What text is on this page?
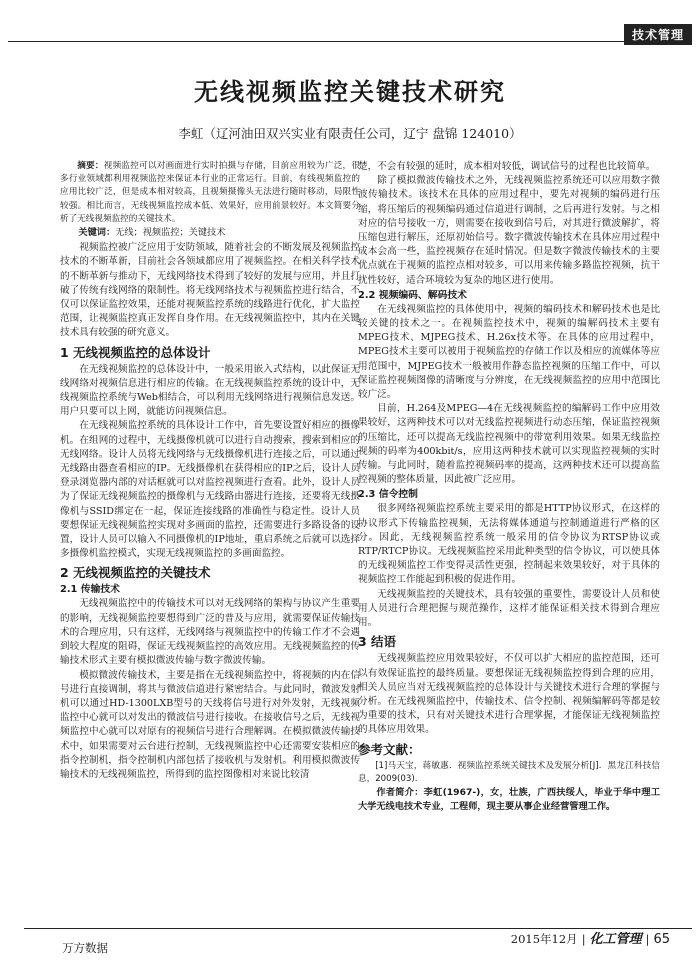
技术管理
无线视频监控关键技术研究
李虹（辽河油田双兴实业有限责任公司，辽宁 盘锦 124010）

摘要：视频监控可以对画面进行实时拍摄与存储，目前应用较为广泛，很多行业领域都利用视频监控来保证本行业的正常运行。目前，有线视频监控的应用比较广泛，但是成本相对较高，且视频摄像头无法进行随时移动，局限性较强。相比而言，无线视频监控成本低、效果好，应用前景较好。本文简要分析了无线视频监控的关键技术。

关键词：无线；视频监控；关键技术

视频监控被广泛应用于安防领域，随着社会的不断发展及视频监控技术的不断革新，目前社会各领域都应用了视频监控。在相关科学技术的不断革新与推动下，无线网络技术得到了较好的发展与应用，并且打破了传统有线网络的限制性。将无线网络技术与视频监控进行结合，不仅可以保证监控效果，还能对视频监控系统的线路进行优化，扩大监控范围，让视频监控真正发挥自身作用。在无线视频监控中，其内在关键技术具有较强的研究意义。

1 无线视频监控的总体设计

在无线视频监控的总体设计中，一般采用嵌入式结构，以此保证无线网络对视频信息进行相应的传输。在无线视频监控系统的设计中，无线视频监控系统与Web相结合，可以利用无线网络进行视频信息发送。用户只要可以上网，就能访问视频信息。

在无线视频监控系统的具体设计工作中，首先要设置好相应的摄像机。在组网的过程中，无线摄像机就可以进行自动搜索，搜索到相应的无线网络。设计人员将无线网络与无线摄像机进行连接之后，可以通过无线路由器查看相应的IP。无线摄像机在获得相应的IP之后，设计人员登录浏览器内部的对话框就可以对监控视频进行查看。此外，设计人员为了保证无线视频监控的摄像机与无线路由器进行连接，还要将无线摄像机与SSID绑定在一起，保证连接线路的准确性与稳定性。设计人员要想保证无线视频监控实现对多画面的监控，还需要进行多路设备的设置，设计人员可以输入不同摄像机的IP地址，重启系统之后就可以选择多摄像机监控模式，实现无线视频监控的多画面监控。

2 无线视频监控的关键技术
2.1 传输技术

无线视频监控中的传输技术可以对无线网络的架构与协议产生重要的影响，无线视频监控要想得到广泛的普及与应用，就需要保证传输技术的合理应用，只有这样，无线网络与视频监控中的传输工作才不会遇到较大程度的阻碍，保证无线视频监控的高效应用。无线视频监控的传输技术形式主要有模拟微波传输与数字微波传输。

模拟微波传输技术，主要是指在无线视频监控中，将视频的内在信号进行直接调制，将其与微波信道进行紧密结合。与此同时，微波发射机可以通过HD-1300LXB型号的天线将信号进行对外发射，无线视频监控中心就可以对发出的微波信号进行接收。在接收信号之后，无线视频监控中心就可以对原有的视频信号进行合理解调。在模拟微波传输技术中，如果需要对云台进行控制，无线视频监控中心还需要安装相应的指令控制机，指令控制机内部包括了接收机与发射机。利用模拟微波传输技术的无线视频监控，所得到的监控图像相对来说比较清

楚，不会有较强的延时，成本相对较低，调试信号的过程也比较简单。

除了模拟微波传输技术之外，无线视频监控系统还可以应用数字微波传输技术。该技术在具体的应用过程中，要先对视频的编码进行压缩，将压缩后的视频编码通过信道进行调制，之后再进行发射。与之相对应的信号接收一方，则需要在接收到信号后，对其进行微波解扩，将压缩包进行解压，还原初始信号。数字微波传输技术在具体应用过程中成本会高一些，监控视频存在延时情况。但是数字微波传输技术的主要优点就在于视频的监控点相对较多，可以用来传输多路监控视频，抗干扰性较好，适合环境较为复杂的地区进行使用。

2.2 视频编码、解码技术

在无线视频监控的具体使用中，视频的编码技术和解码技术也是比较关键的技术之一。在视频监控技术中，视频的编解码技术主要有MPEG技术、MJPEG技术、H.26x技术等。在具体的应用过程中，MPEG技术主要可以被用于视频监控的存储工作以及相应的流媒体等应用范围中，MJPEG技术一般被用作静态监控视频的压缩工作中，可以保证监控视频图像的清晰度与分辨度，在无线视频监控的应用中范围比较广泛。

目前，H.264及MPEG—4在无线视频监控的编解码工作中应用效果较好，这两种技术可以对无线监控视频进行动态压缩，保证监控视频的压缩比，还可以提高无线监控视频中的带宽利用效果。如果无线监控视频的码率为400kbit/s，应用这两种技术就可以实现监控视频的实时传输。与此同时，随着监控视频码率的提高，这两种技术还可以提高监控视频的整体质量，因此被广泛应用。

2.3 信令控制

很多网络视频监控系统主要采用的都是HTTP协议形式，在这样的协议形式下传输监控视频，无法将媒体通道与控制通道进行严格的区分。因此，无线视频监控系统一般采用的信令协议为RTSP协议或RTP/RTCP协议。无线视频监控采用此种类型的信令协议，可以使具体的无线视频监控工作变得灵活性更强，控制起来效果较好，对于具体的视频监控工作能起到积极的促进作用。

无线视频监控的关键技术，具有较强的重要性，需要设计人员和使用人员进行合理把握与规范操作，这样才能保证相关技术得到合理应用。

3 结语

无线视频监控应用效果较好，不仅可以扩大相应的监控范围，还可以有效保证监控的最终质量。要想保证无线视频监控得到合理的应用，相关人员应当对无线视频监控的总体设计与关键技术进行合理的掌握与分析。在无线视频监控中，传输技术、信令控制、视频编解码等都是较为重要的技术，只有对关键技术进行合理掌握，才能保证无线视频监控的具体应用效果。

参考文献：

[1]马天宝，蒋敏惠．视频监控系统关键技术及发展分析[J]．黑龙江科技信息，2009(03).

作者简介：李虹(1967-)，女，壮族，广西扶绥人，毕业于华中理工大学无线电技术专业，工程师，现主要从事企业经营管理工作。

万方数据
2015年12月 | 化工管理 | 65
